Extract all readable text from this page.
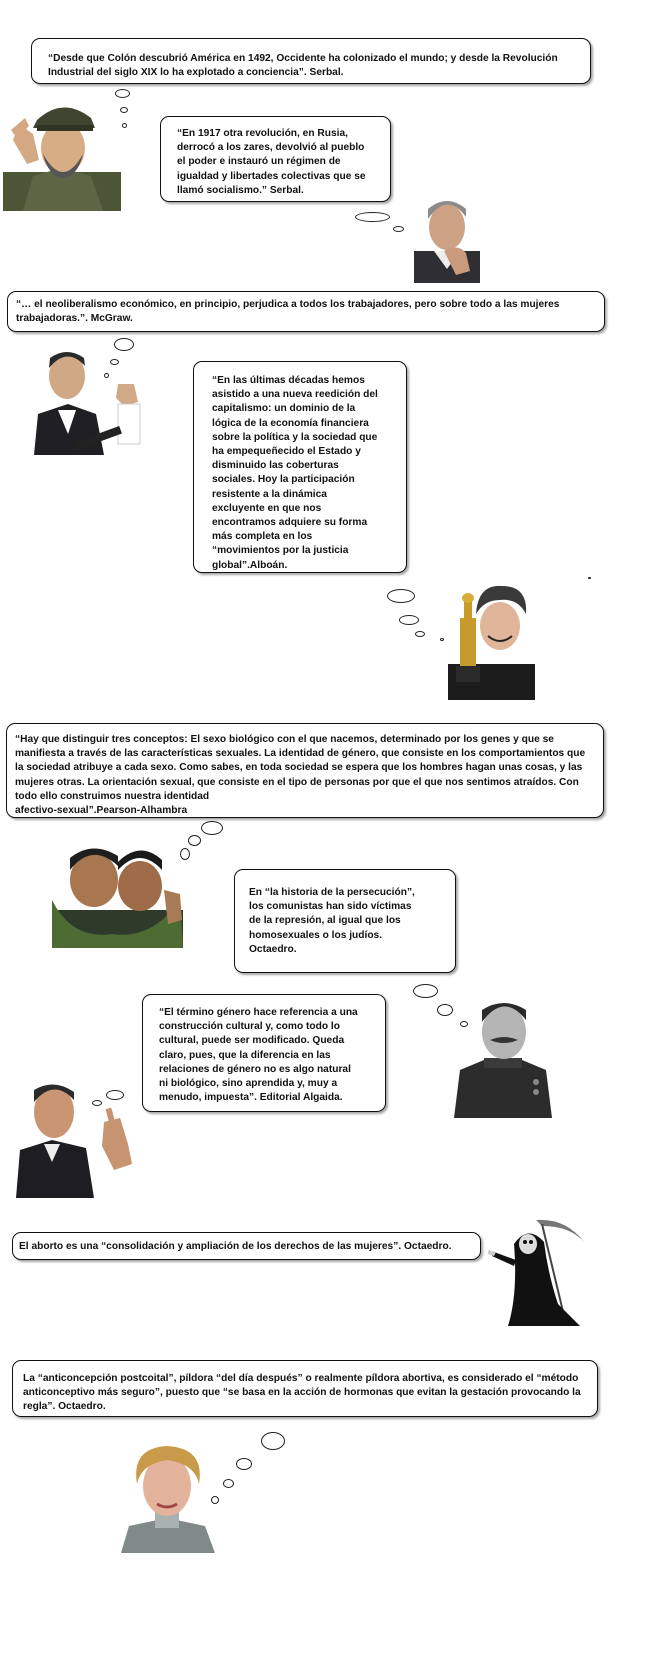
“Desde que Colón descubrió América en 1492, Occidente ha colonizado el mundo; y desde la Revolución Industrial del siglo XIX lo ha explotado a conciencia”. Serbal.
“En 1917 otra revolución, en Rusia,
derrocó a los zares, devolvió al pueblo
el poder e instauró un régimen de
igualdad y libertades colectivas que se
llamó socialismo.” Serbal.
“… el neoliberalismo económico, en principio, perjudica a todos los trabajadores, pero sobre todo a las mujeres trabajadoras.”. McGraw.
“En las últimas décadas hemos
asistido a una nueva reedición del
capitalismo: un dominio de la
lógica de la economía financiera
sobre la política y la sociedad que
ha empequeñecido el Estado y
disminuido las coberturas
sociales. Hoy la participación
resistente a la dinámica
excluyente en que nos
encontramos adquiere su forma
más completa en los
“movimientos por la justicia
global”.Alboán.
“Hay que distinguir tres conceptos: El sexo biológico con el que nacemos, determinado por los genes y que se manifiesta a través de las características sexuales. La identidad de género, que consiste en los comportamientos que la sociedad atribuye a cada sexo. Como sabes, en toda sociedad se espera que los hombres hagan unas cosas, y las mujeres otras. La orientación sexual, que consiste en el tipo de personas por que el que nos sentimos atraídos. Con todo ello construimos nuestra identidad
afectivo-sexual”.Pearson-Alhambra
En “la historia de la persecución”,
los comunistas han sido víctimas
de la represión, al igual que los
homosexuales o los judíos.
Octaedro.
“El término género hace referencia a una
construcción cultural y, como todo lo
cultural, puede ser modificado. Queda
claro, pues, que la diferencia en las
relaciones de género no es algo natural
ni biológico, sino aprendida y, muy a
menudo, impuesta”. Editorial Algaida.
El aborto es una “consolidación y ampliación de los derechos de las mujeres”. Octaedro.
La “anticoncepción postcoital”, píldora “del día después” o realmente píldora abortiva, es considerado el “método anticonceptivo más seguro”, puesto que “se basa en la acción de hormonas que evitan la gestación provocando la regla”. Octaedro.
